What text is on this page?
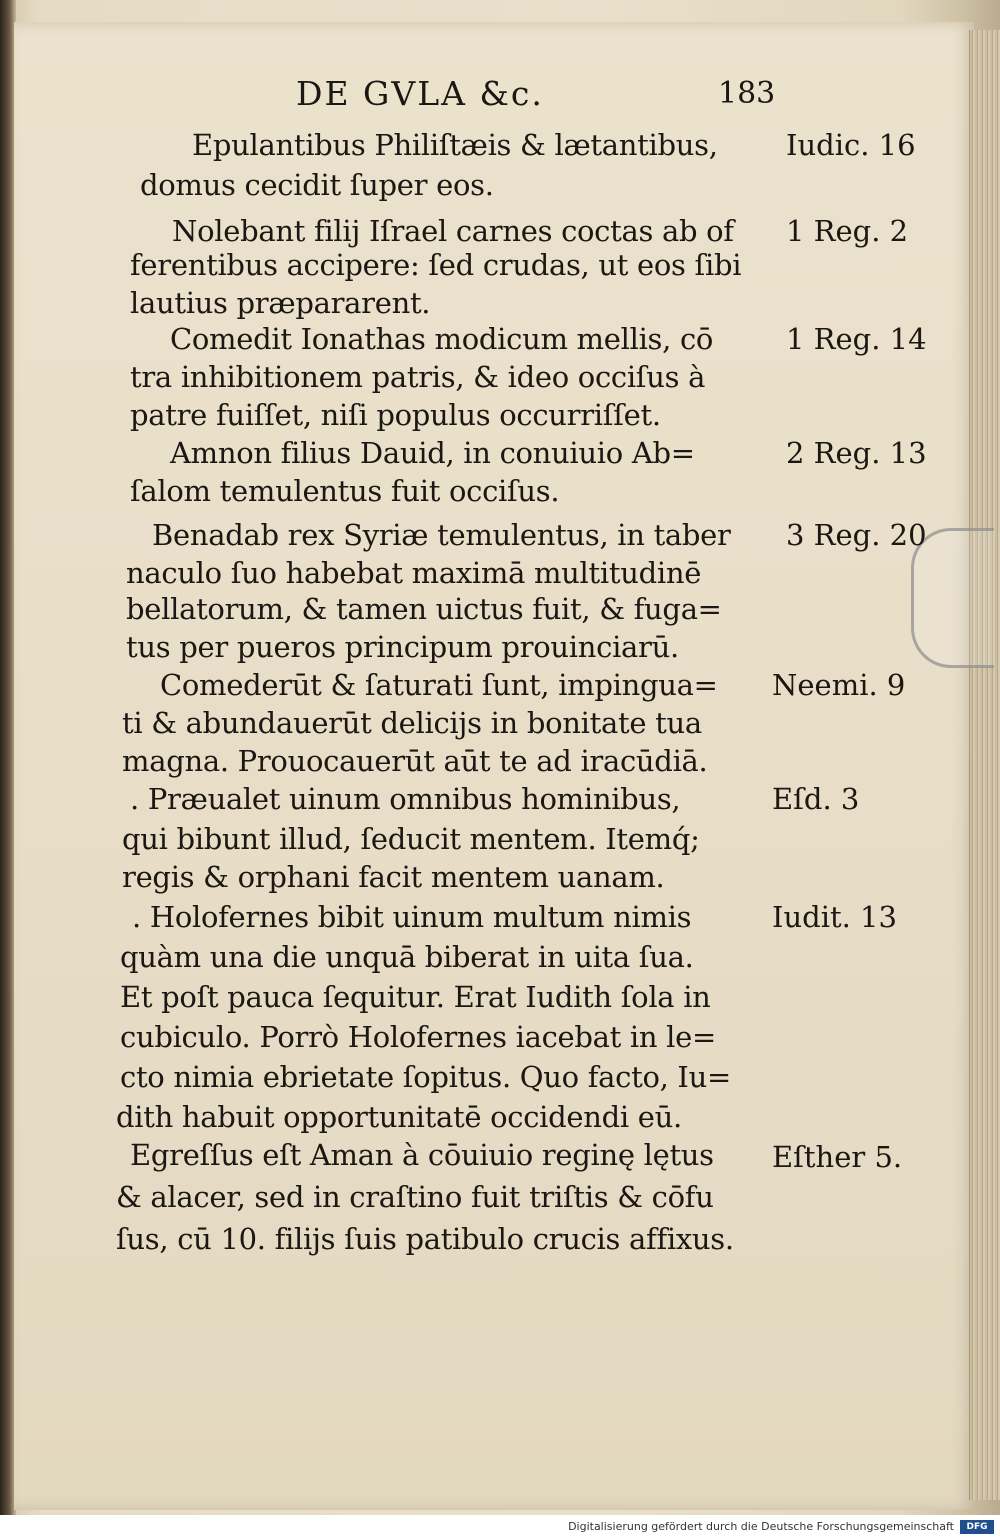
DE GVLA &c.	183
Epulantibus Philiſtæis & lætantibus,
domus cecidit ſuper eos.
Nolebant filij Iſrael carnes coctas ab of
ferentibus accipere: ſed crudas, ut eos ſibi
lautius præpararent.
Comedit Ionathas modicum mellis, cō
tra inhibitionem patris, & ideo occiſus à
patre fuiſſet, niſi populus occurriſſet.
Amnon filius Dauid, in conuiuio Ab=
ſalom temulentus fuit occiſus.
Benadab rex Syriæ temulentus, in taber
naculo ſuo habebat maximā multitudinē
bellatorum, & tamen uictus fuit, & fuga=
tus per pueros principum prouinciarū.
Comederūt & ſaturati ſunt, impingua=
ti & abundauerūt delicijs in bonitate tua
magna. Prouocauerūt aūt te ad iracūdiā.
. Præualet uinum omnibus hominibus,
qui bibunt illud, ſeducit mentem. Itemq́;
regis & orphani facit mentem uanam.
. Holofernes bibit uinum multum nimis
quàm una die unquā biberat in uita ſua.
Et poſt pauca ſequitur. Erat Iudith ſola in
cubiculo. Porrò Holofernes iacebat in le=
cto nimia ebrietate ſopitus. Quo facto, Iu=
dith habuit opportunitatē occidendi eū.
Egreſſus eſt Aman à cōuiuio reginę lętus
& alacer, sed in craſtino fuit triſtis & cōfu
ſus, cū 10. filijs ſuis patibulo crucis affixus.
Iudic. 16
1 Reg. 2
1 Reg. 14
2 Reg. 13
3 Reg. 20
Neemi. 9
Eſd. 3
Iudit. 13
Eſther 5.
Digitalisierung gefördert durch die Deutsche Forschungsgemeinschaft	DFG
